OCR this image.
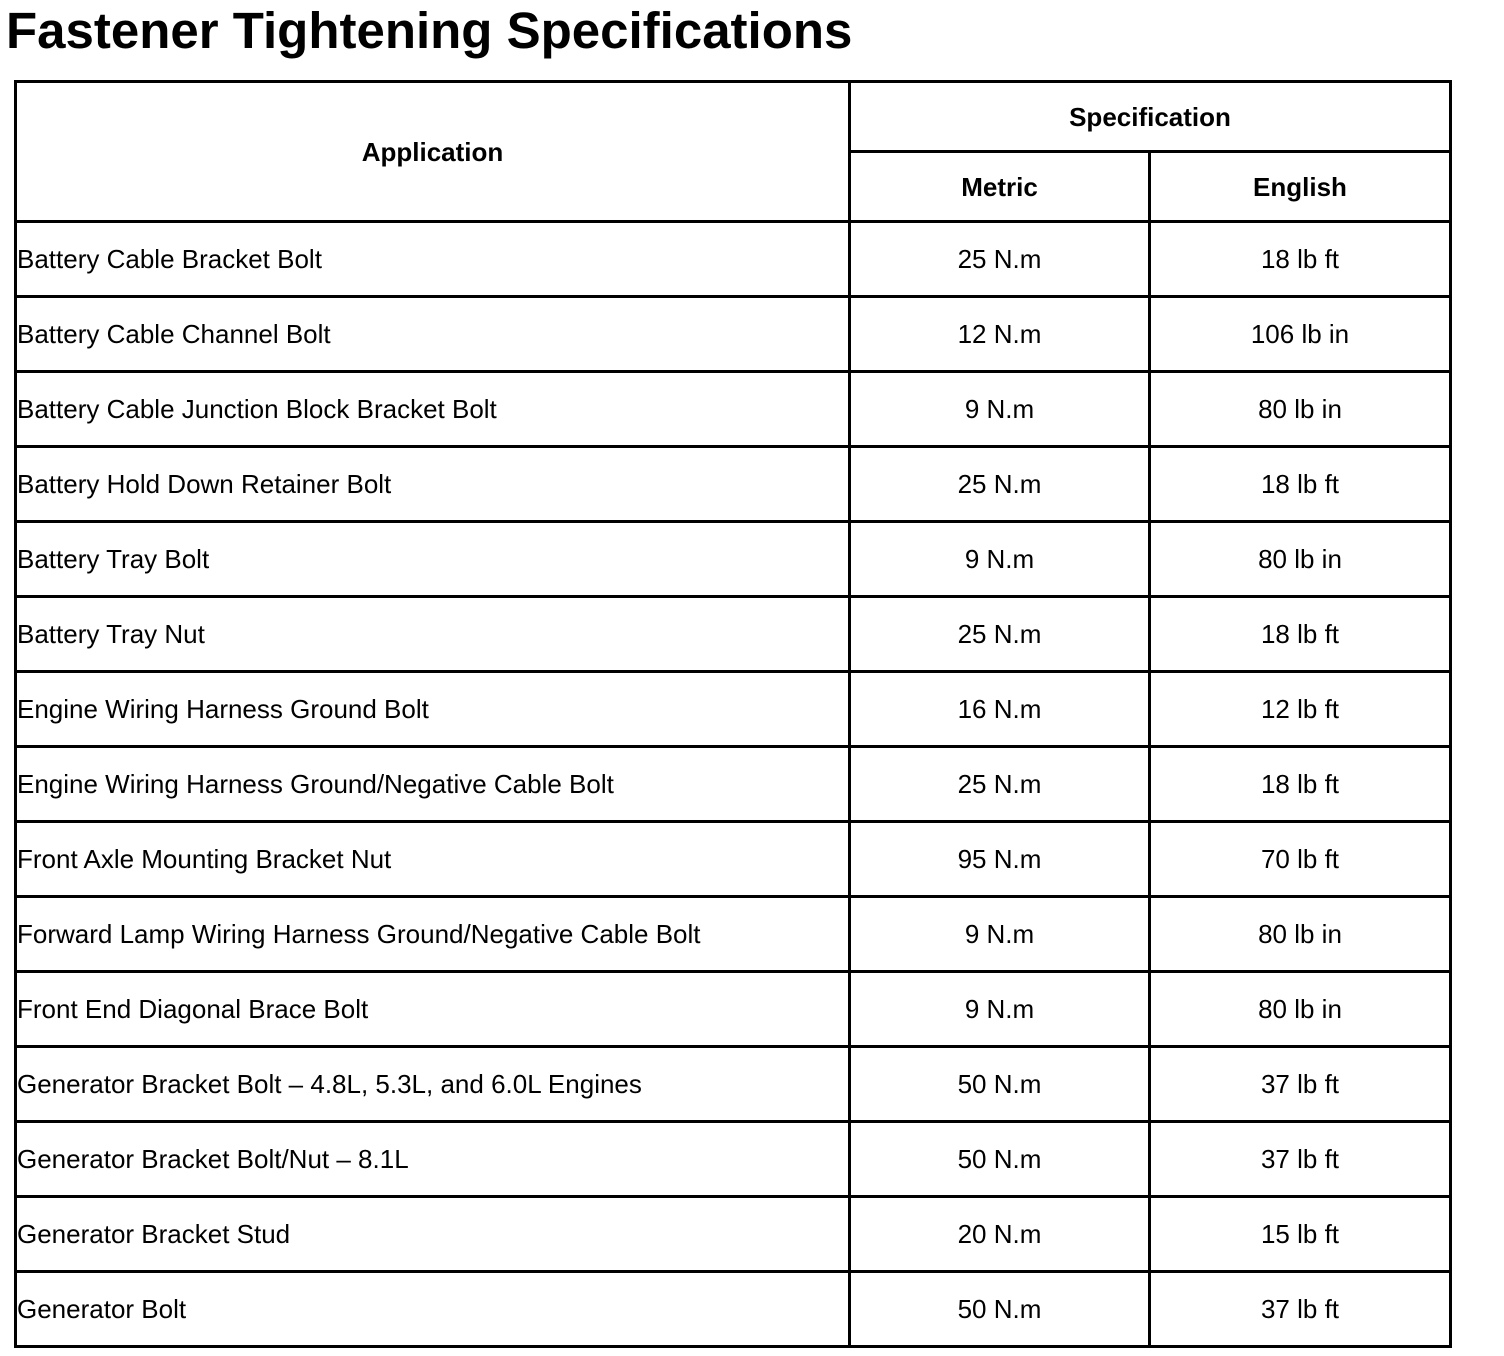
Fastener Tightening Specifications
Application	Specification	
	Metric	English
Battery Cable Bracket Bolt	25 N.m	18 lb ft
Battery Cable Channel Bolt	12 N.m	106 lb in
Battery Cable Junction Block Bracket Bolt	9 N.m	80 lb in
Battery Hold Down Retainer Bolt	25 N.m	18 lb ft
Battery Tray Bolt	9 N.m	80 lb in
Battery Tray Nut	25 N.m	18 lb ft
Engine Wiring Harness Ground Bolt	16 N.m	12 lb ft
Engine Wiring Harness Ground/Negative Cable Bolt	25 N.m	18 lb ft
Front Axle Mounting Bracket Nut	95 N.m	70 lb ft
Forward Lamp Wiring Harness Ground/Negative Cable Bolt	9 N.m	80 lb in
Front End Diagonal Brace Bolt	9 N.m	80 lb in
Generator Bracket Bolt – 4.8L, 5.3L, and 6.0L Engines	50 N.m	37 lb ft
Generator Bracket Bolt/Nut – 8.1L	50 N.m	37 lb ft
Generator Bracket Stud	20 N.m	15 lb ft
Generator Bolt	50 N.m	37 lb ft
